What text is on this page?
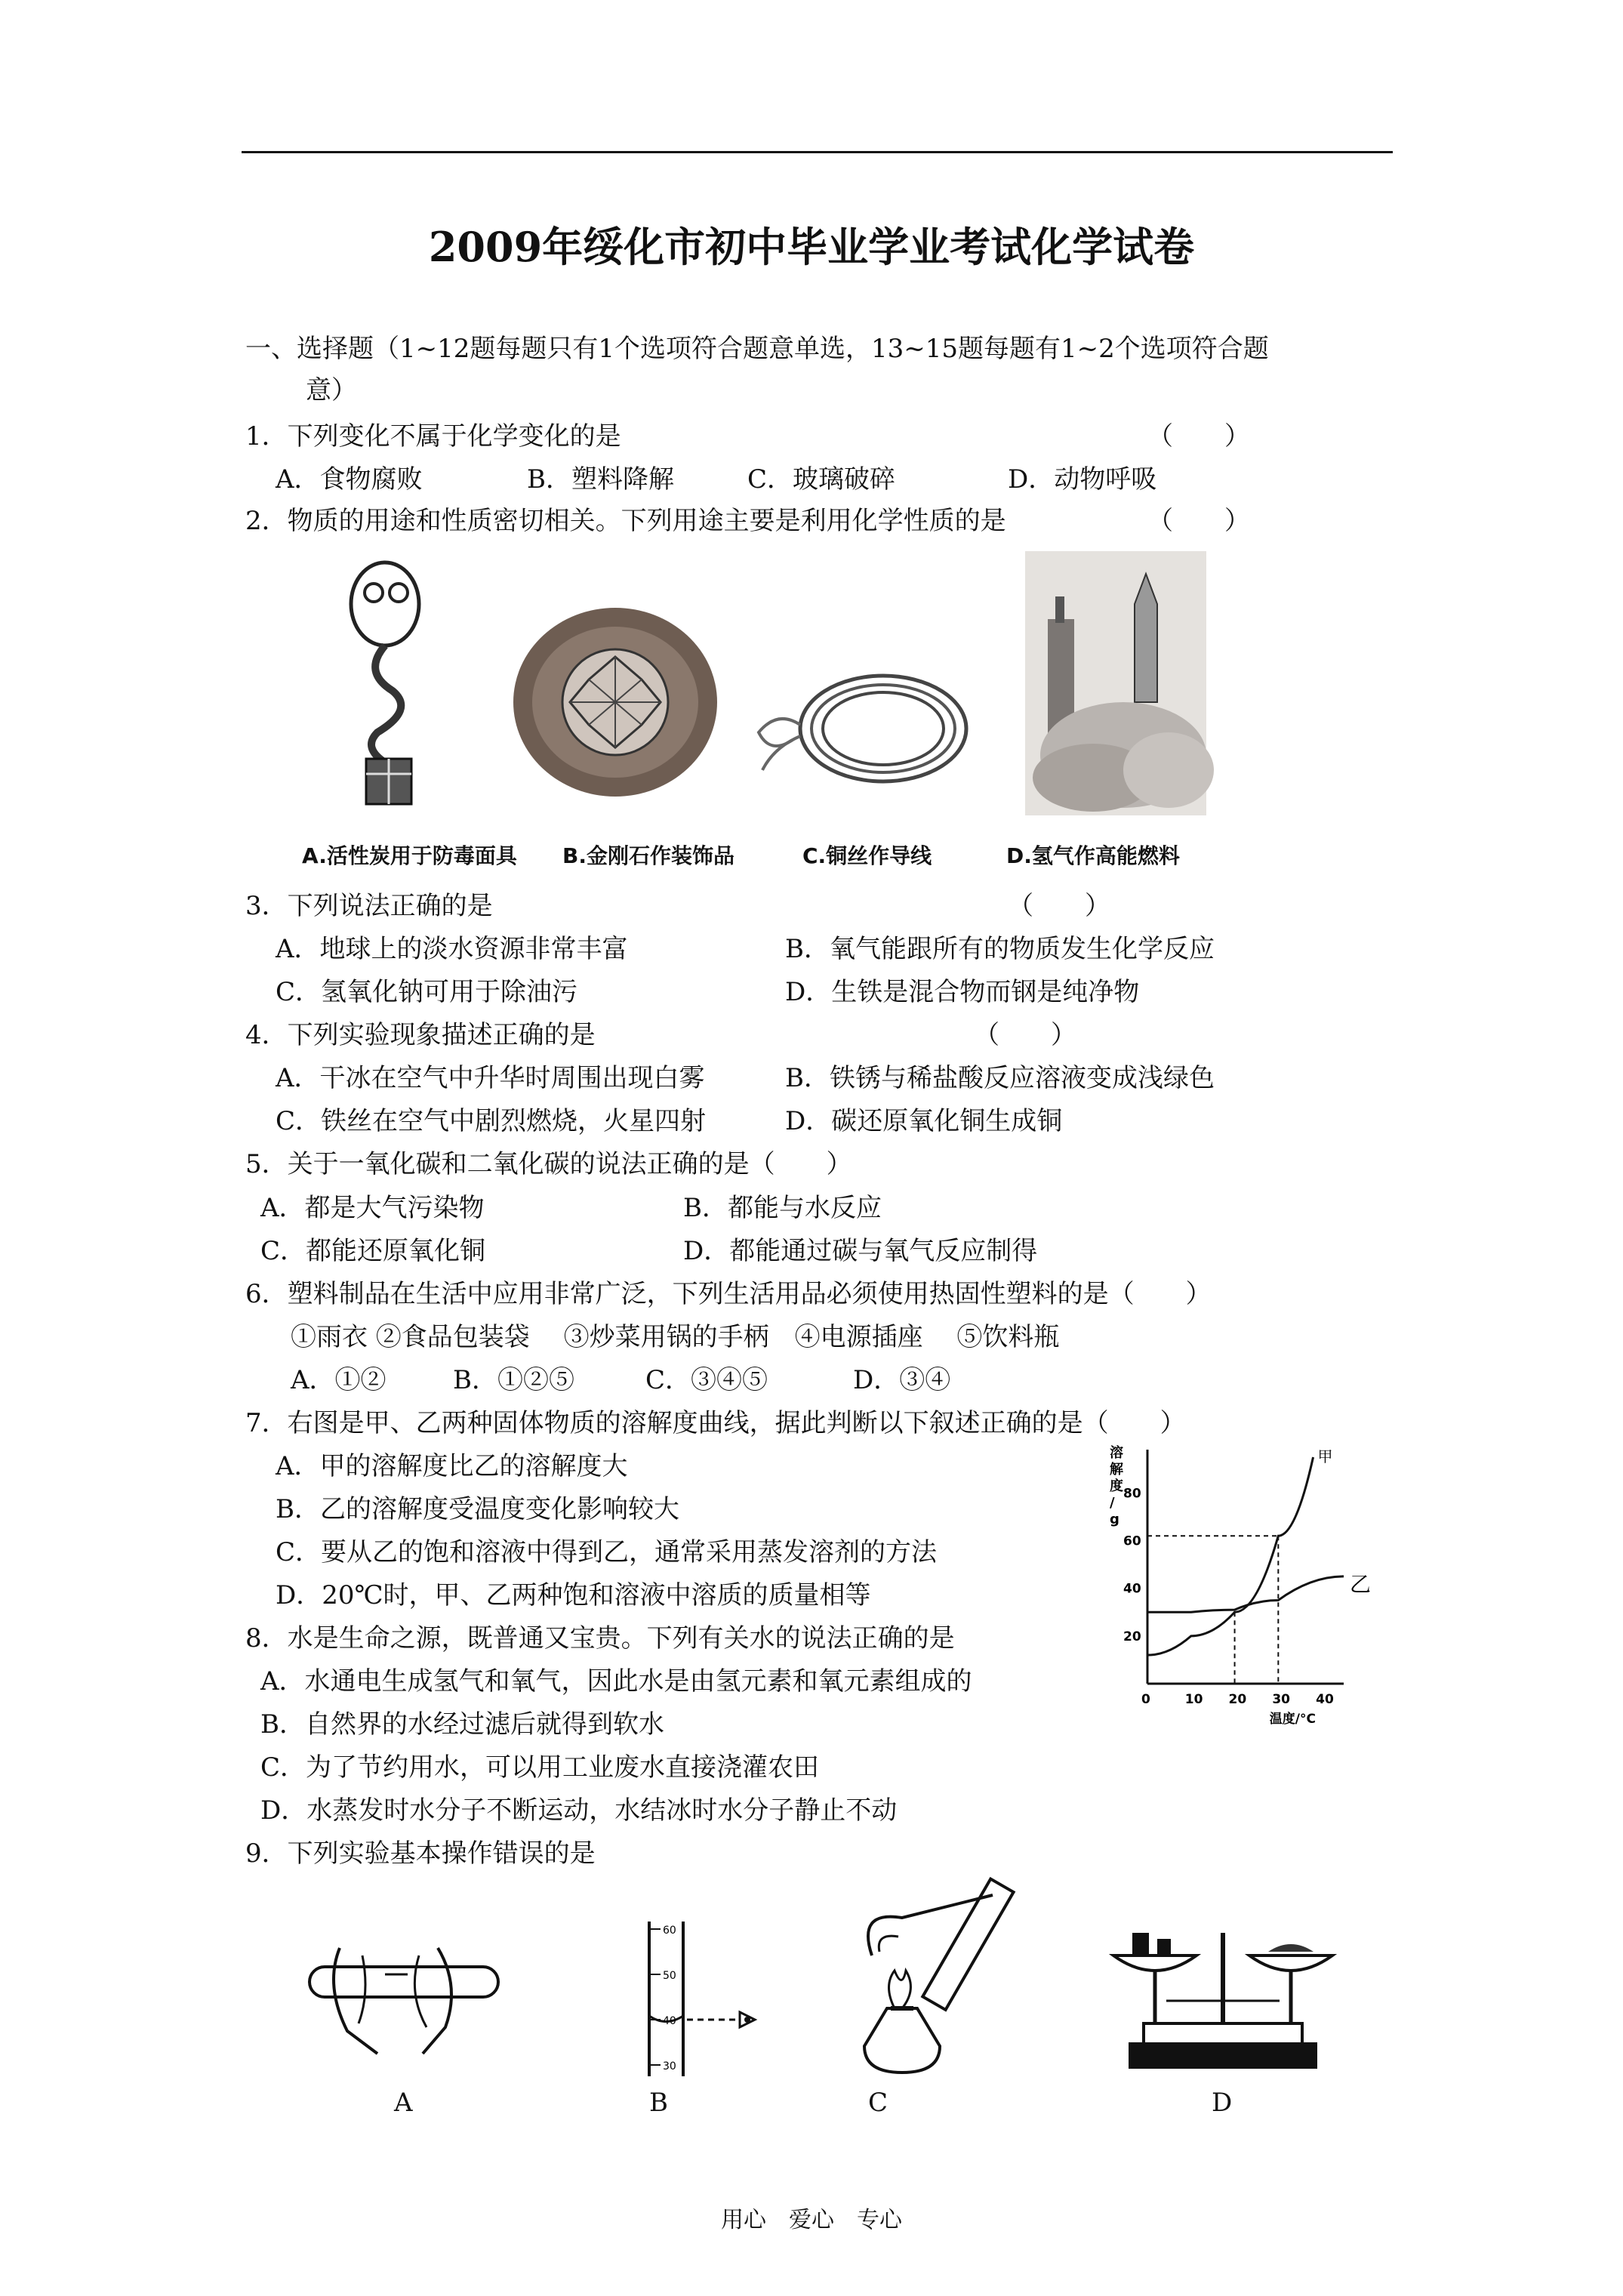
2009年绥化市初中毕业学业考试化学试卷
一、选择题（1~12题每题只有1个选项符合题意单选，13~15题每题有1~2个选项符合题
意）
1．下列变化不属于化学变化的是	（　　）
A．食物腐败	B．塑料降解	C．玻璃破碎	D．动物呼吸
2．物质的用途和性质密切相关。下列用途主要是利用化学性质的是	（　　）
A.活性炭用于防毒面具 B.金刚石作装饰品	C.铜丝作导线	D.氢气作高能燃料
3．下列说法正确的是	（　　）
A．地球上的淡水资源非常丰富	B．氧气能跟所有的物质发生化学反应
C．氢氧化钠可用于除油污	D．生铁是混合物而钢是纯净物
4．下列实验现象描述正确的是	（　　）
A．干冰在空气中升华时周围出现白雾	B．铁锈与稀盐酸反应溶液变成浅绿色
C．铁丝在空气中剧烈燃烧，火星四射	D．碳还原氧化铜生成铜
5．关于一氧化碳和二氧化碳的说法正确的是（　　）
A．都是大气污染物	B．都能与水反应
C．都能还原氧化铜	D．都能通过碳与氧气反应制得
6．塑料制品在生活中应用非常广泛，下列生活用品必须使用热固性塑料的是（　　）
①雨衣 ②食品包装袋　 ③炒菜用锅的手柄　④电源插座　 ⑤饮料瓶
A．①②	B．①②⑤	C．③④⑤	D．③④
7．右图是甲、乙两种固体物质的溶解度曲线，据此判断以下叙述正确的是（　　）
A．甲的溶解度比乙的溶解度大
B．乙的溶解度受温度变化影响较大
C．要从乙的饱和溶液中得到乙，通常采用蒸发溶剂的方法
D．20℃时，甲、乙两种饱和溶液中溶质的质量相等
溶解度/ g
0	10 20 30 40
20
40
60
80
温度/°C
甲
乙
8．水是生命之源，既普通又宝贵。下列有关水的说法正确的是
A．水通电生成氢气和氧气，因此水是由氢元素和氧元素组成的
B．自然界的水经过滤后就得到软水
C．为了节约用水，可以用工业废水直接浇灌农田
D．水蒸发时水分子不断运动，水结冰时水分子静止不动
9．下列实验基本操作错误的是
60
50
40
30
A	B	C	D
用心　爱心　专心
